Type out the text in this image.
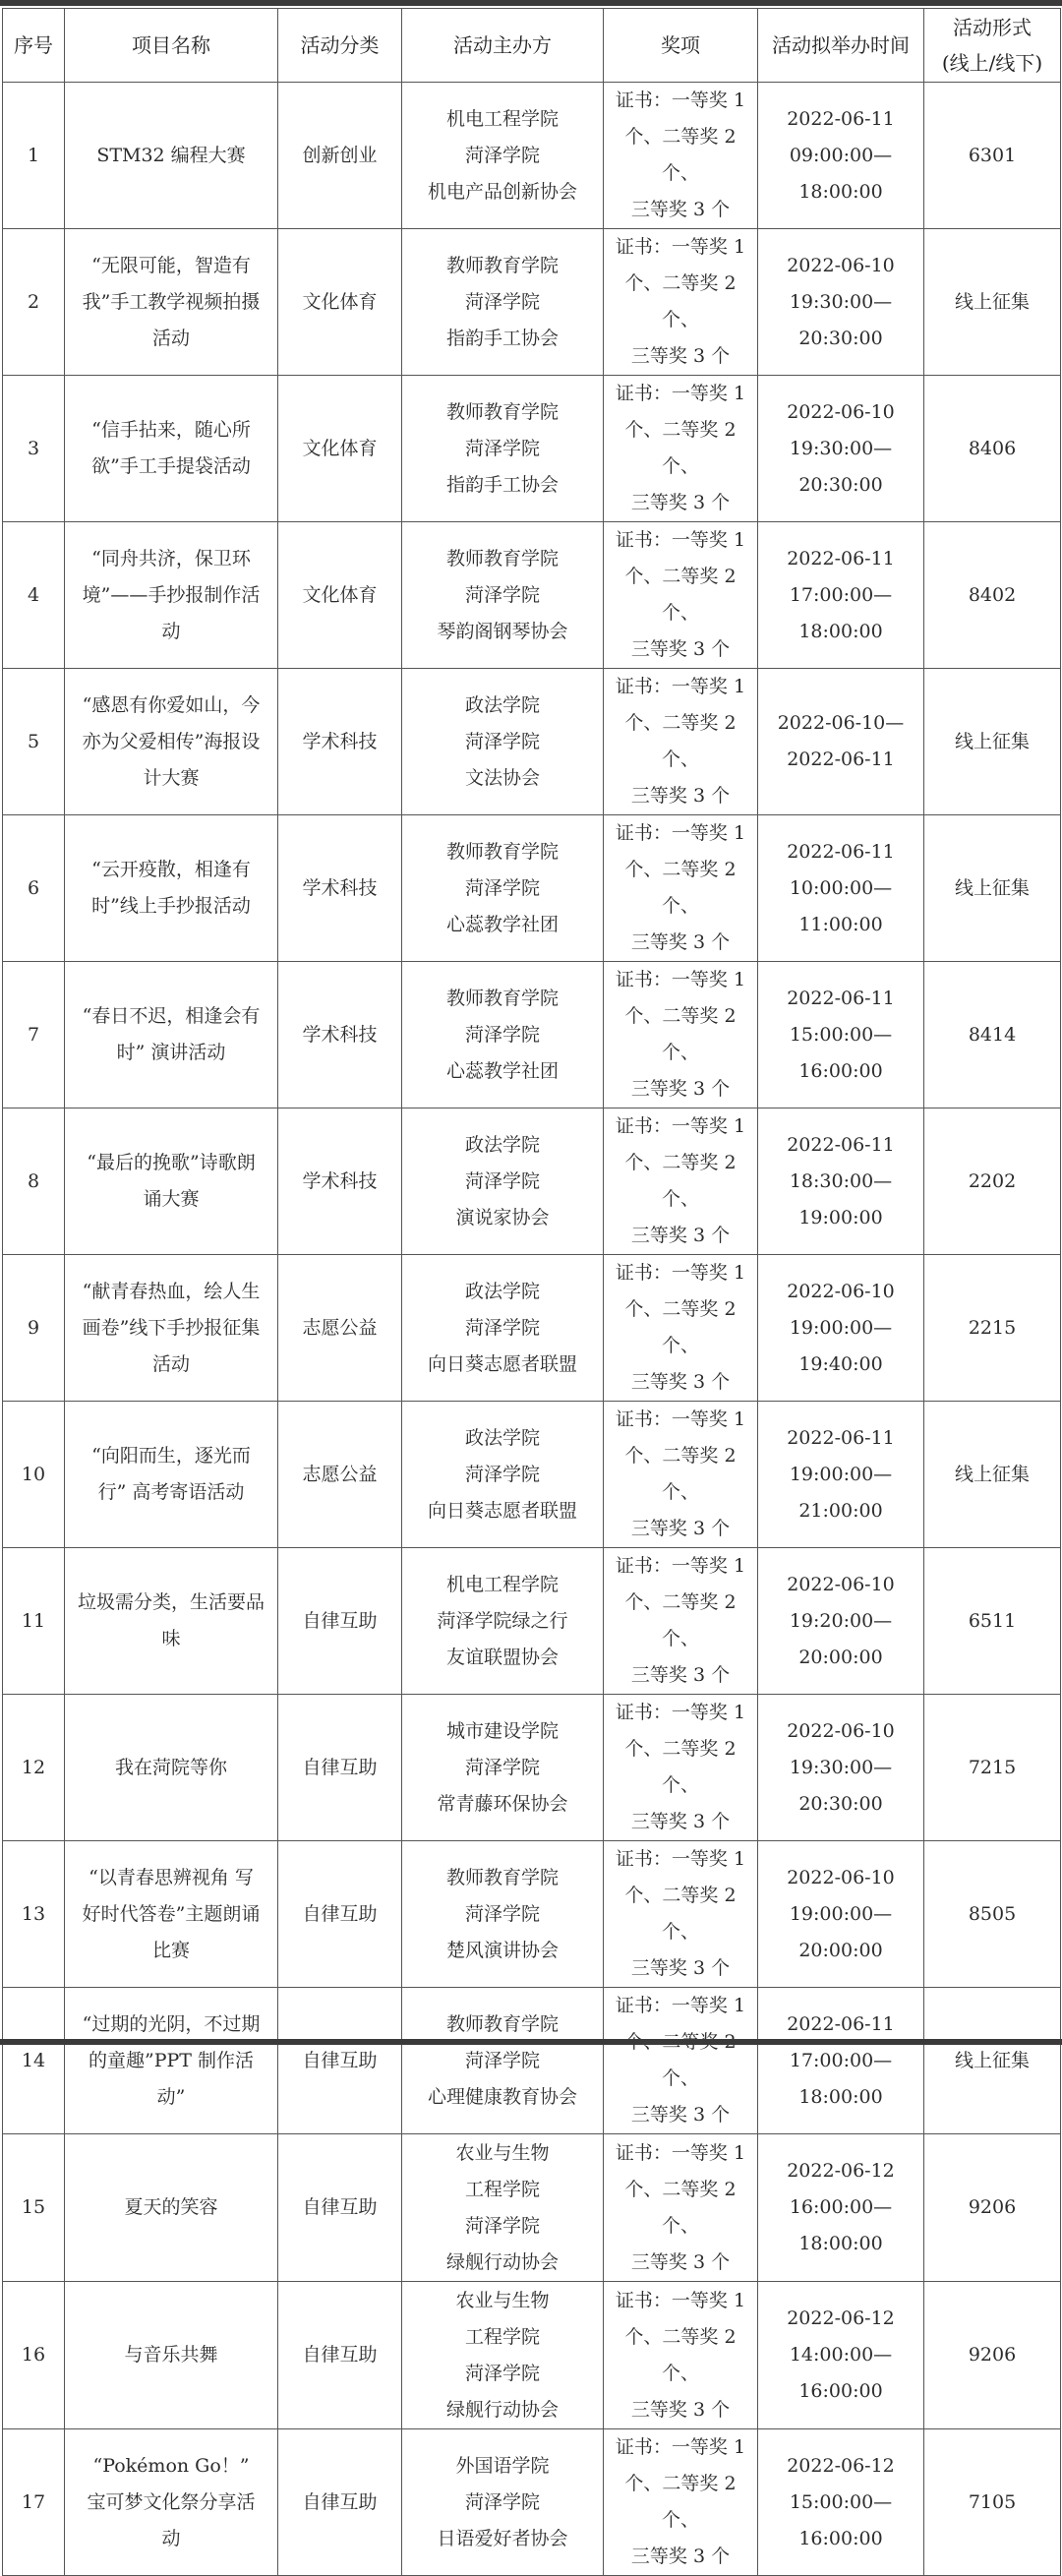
序号	项目名称	活动分类	活动主办方	奖项	活动拟举办时间	活动形式
(线上/线下)

1	STM32 编程大赛	创新创业	机电工程学院
菏泽学院
机电产品创新协会	证书：一等奖 1
个、二等奖 2 个、
三等奖 3 个	2022-06-11
09:00:00—
18:00:00	6301
2	“无限可能，智造有
我”手工教学视频拍摄
活动	文化体育	教师教育学院
菏泽学院
指韵手工协会	证书：一等奖 1
个、二等奖 2 个、
三等奖 3 个	2022-06-10
19:30:00—
20:30:00	线上征集
3	“信手拈来，随心所
欲”手工手提袋活动	文化体育	教师教育学院
菏泽学院
指韵手工协会	证书：一等奖 1
个、二等奖 2 个、
三等奖 3 个	2022-06-10
19:30:00—
20:30:00	8406
4	“同舟共济，保卫环
境”——手抄报制作活
动	文化体育	教师教育学院
菏泽学院
琴韵阁钢琴协会	证书：一等奖 1
个、二等奖 2 个、
三等奖 3 个	2022-06-11
17:00:00—
18:00:00	8402
5	“感恩有你爱如山，今
亦为父爱相传”海报设
计大赛	学术科技	政法学院
菏泽学院
文法协会	证书：一等奖 1
个、二等奖 2 个、
三等奖 3 个	2022-06-10—
2022-06-11	线上征集
6	“云开疫散，相逢有
时”线上手抄报活动	学术科技	教师教育学院
菏泽学院
心蕊教学社团	证书：一等奖 1
个、二等奖 2 个、
三等奖 3 个	2022-06-11
10:00:00—
11:00:00	线上征集
7	“春日不迟，相逢会有
时” 演讲活动	学术科技	教师教育学院
菏泽学院
心蕊教学社团	证书：一等奖 1
个、二等奖 2 个、
三等奖 3 个	2022-06-11
15:00:00—
16:00:00	8414
8	“最后的挽歌”诗歌朗
诵大赛	学术科技	政法学院
菏泽学院
演说家协会	证书：一等奖 1
个、二等奖 2 个、
三等奖 3 个	2022-06-11
18:30:00—
19:00:00	2202
9	“献青春热血，绘人生
画卷”线下手抄报征集
活动	志愿公益	政法学院
菏泽学院
向日葵志愿者联盟	证书：一等奖 1
个、二等奖 2 个、
三等奖 3 个	2022-06-10
19:00:00—
19:40:00	2215
10	“向阳而生，逐光而
行” 高考寄语活动	志愿公益	政法学院
菏泽学院
向日葵志愿者联盟	证书：一等奖 1
个、二等奖 2 个、
三等奖 3 个	2022-06-11
19:00:00—
21:00:00	线上征集
11	垃圾需分类，生活要品
味	自律互助	机电工程学院
菏泽学院绿之行
友谊联盟协会	证书：一等奖 1
个、二等奖 2 个、
三等奖 3 个	2022-06-10
19:20:00—
20:00:00	6511
12	我在菏院等你	自律互助	城市建设学院
菏泽学院
常青藤环保协会	证书：一等奖 1
个、二等奖 2 个、
三等奖 3 个	2022-06-10
19:30:00—
20:30:00	7215
13	“以青春思辨视角 写
好时代答卷”主题朗诵
比赛	自律互助	教师教育学院
菏泽学院
楚风演讲协会	证书：一等奖 1
个、二等奖 2 个、
三等奖 3 个	2022-06-10
19:00:00—
20:00:00	8505
14	“过期的光阴，不过期
的童趣”PPT 制作活
动”	自律互助	教师教育学院
菏泽学院
心理健康教育协会	证书：一等奖 1
个、
三等奖 3 个	2022-06-11
17:00:00—
18:00:00	线上征集
15	夏天的笑容	自律互助	农业与生物
工程学院
菏泽学院
绿舰行动协会	证书：一等奖 1
个、二等奖 2 个、
三等奖 3 个	2022-06-12
16:00:00—
18:00:00	9206
16	与音乐共舞	自律互助	农业与生物
工程学院
菏泽学院
绿舰行动协会	证书：一等奖 1
个、二等奖 2 个、
三等奖 3 个	2022-06-12
14:00:00—
16:00:00	9206
17	“Pokémon Go！”
宝可梦文化祭分享活
动	自律互助	外国语学院
菏泽学院
日语爱好者协会	证书：一等奖 1
个、二等奖 2 个、
三等奖 3 个	2022-06-12
15:00:00—
16:00:00	7105
